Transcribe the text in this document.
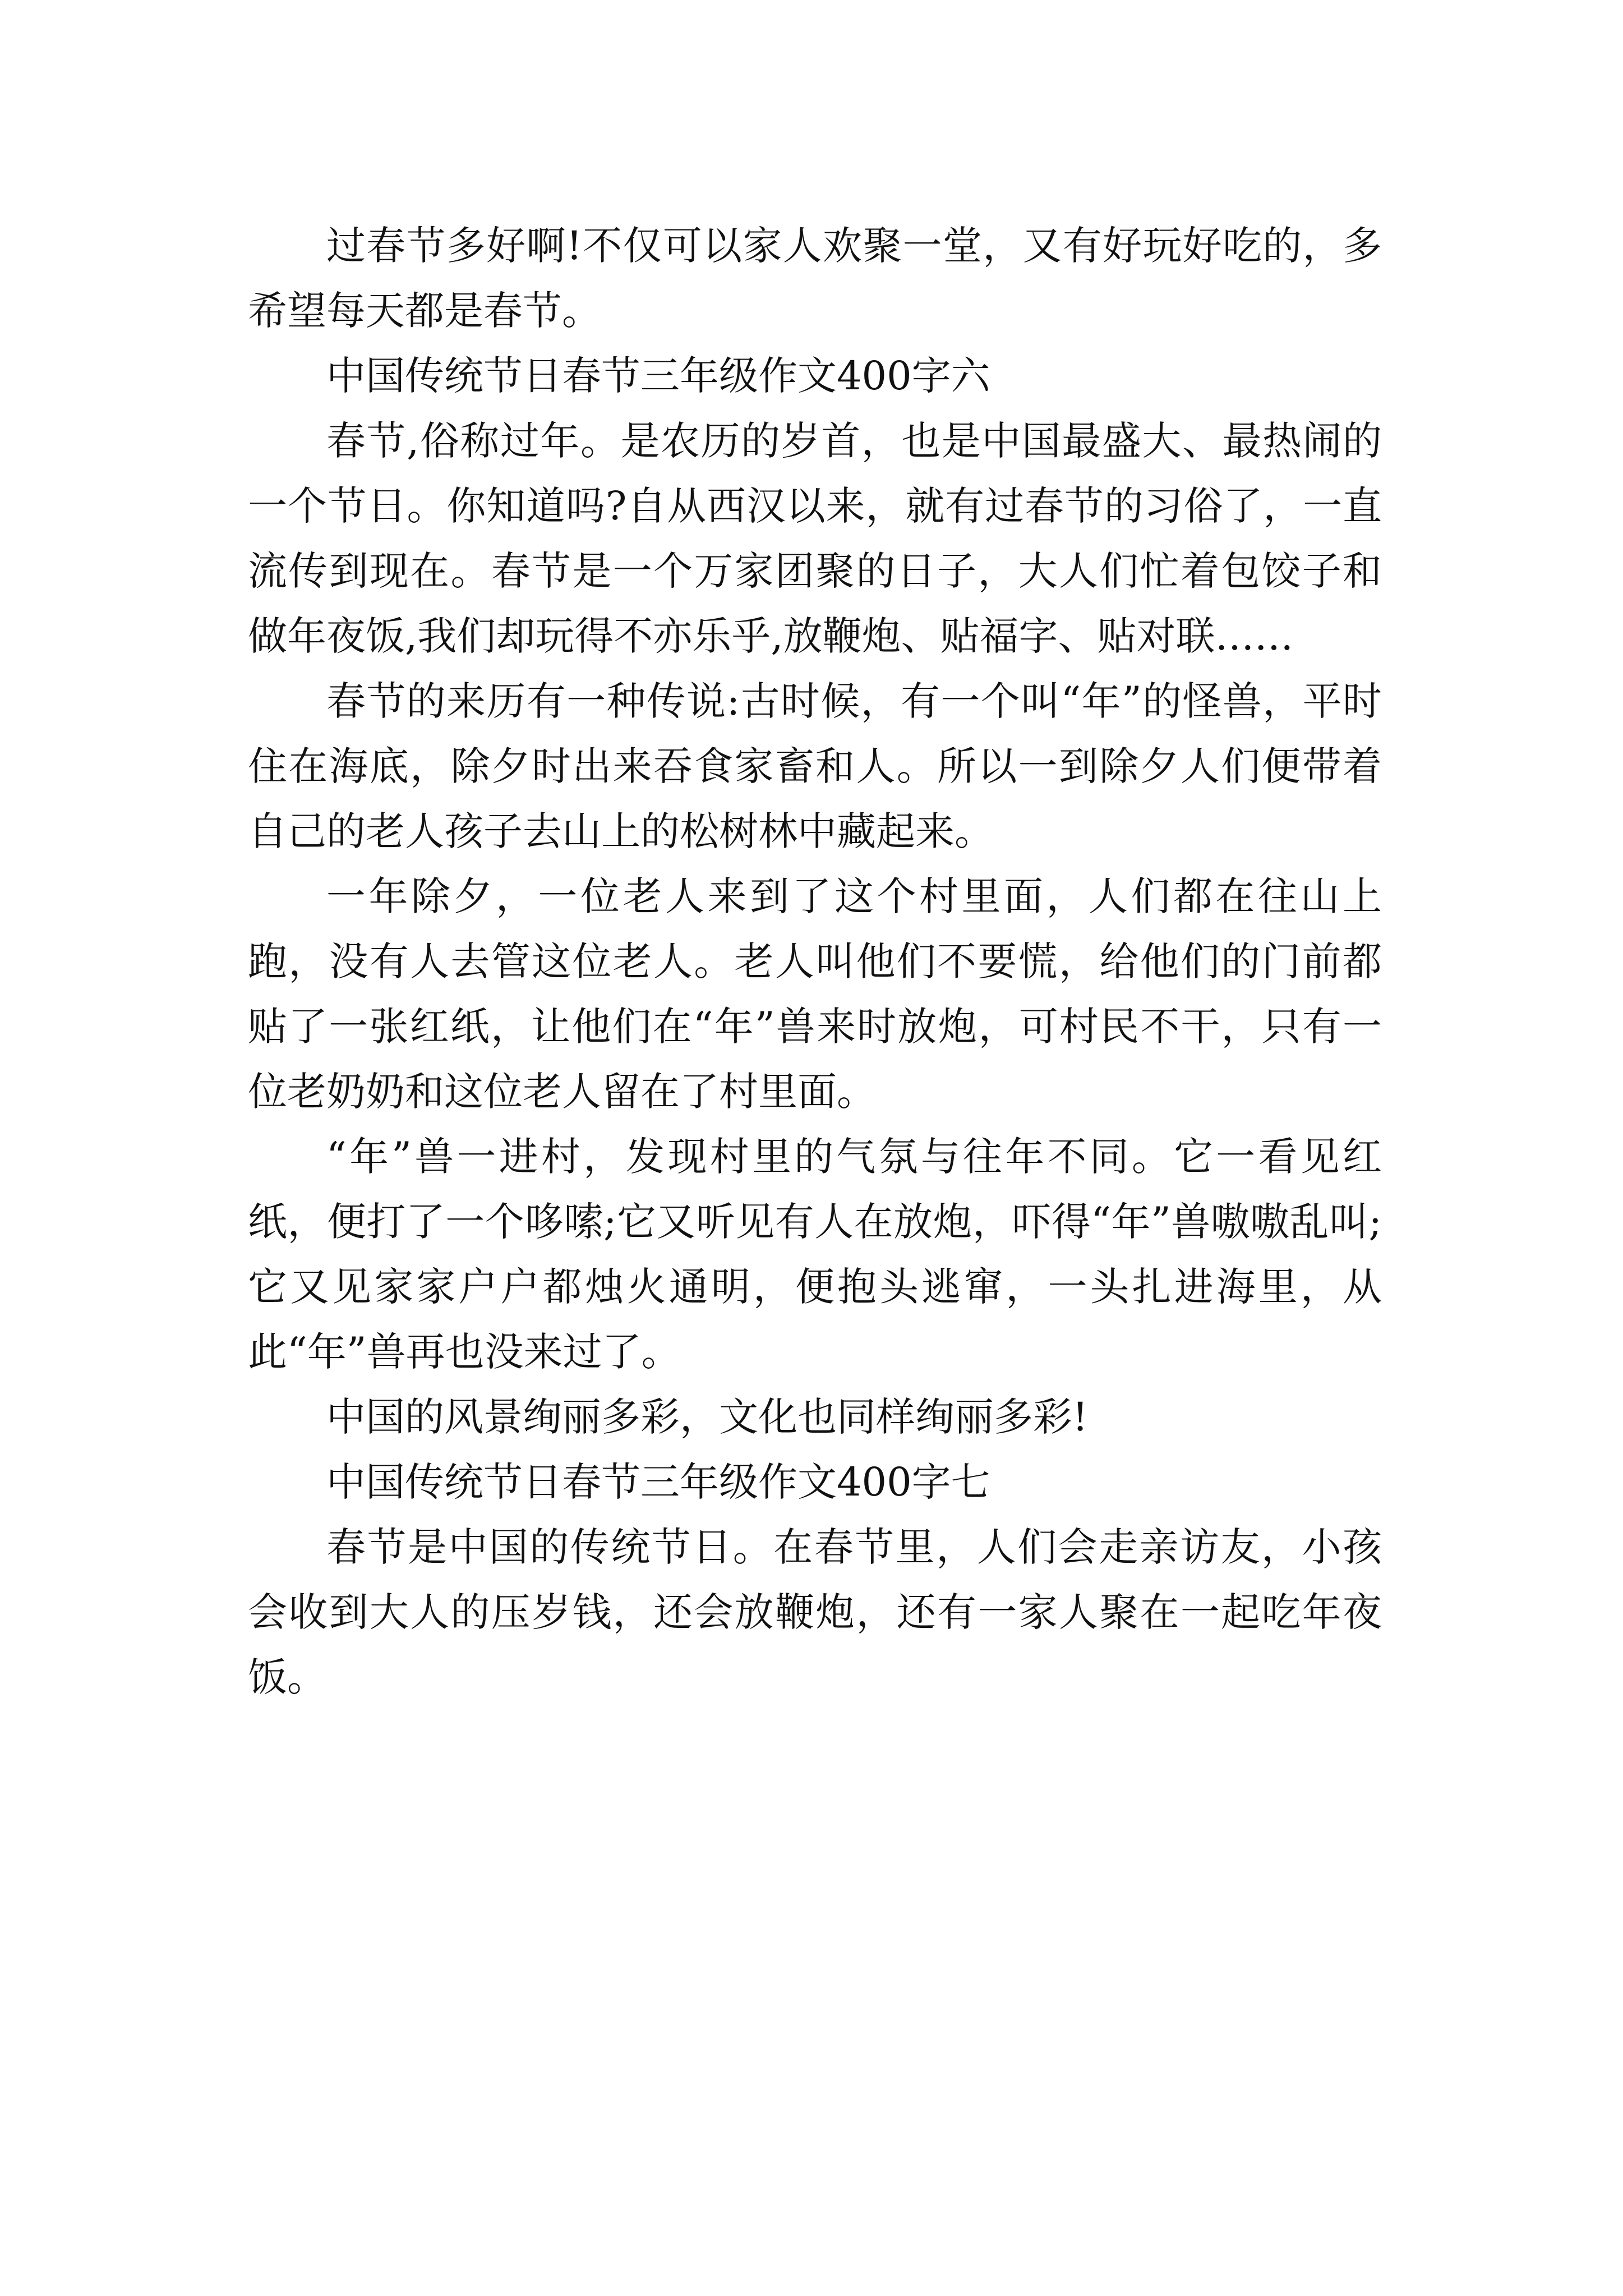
过春节多好啊!不仅可以家人欢聚一堂，又有好玩好吃的，多希望每天都是春节。

中国传统节日春节三年级作文400字六

春节,俗称过年。是农历的岁首，也是中国最盛大、最热闹的一个节日。你知道吗?自从西汉以来，就有过春节的习俗了，一直流传到现在。春节是一个万家团聚的日子，大人们忙着包饺子和做年夜饭,我们却玩得不亦乐乎,放鞭炮、贴福字、贴对联……

春节的来历有一种传说:古时候，有一个叫“年”的怪兽，平时住在海底，除夕时出来吞食家畜和人。所以一到除夕人们便带着自己的老人孩子去山上的松树林中藏起来。

一年除夕，一位老人来到了这个村里面，人们都在往山上跑，没有人去管这位老人。老人叫他们不要慌，给他们的门前都贴了一张红纸，让他们在“年”兽来时放炮，可村民不干，只有一位老奶奶和这位老人留在了村里面。

“年”兽一进村，发现村里的气氛与往年不同。它一看见红纸，便打了一个哆嗦;它又听见有人在放炮，吓得“年”兽嗷嗷乱叫;它又见家家户户都烛火通明，便抱头逃窜，一头扎进海里，从此“年”兽再也没来过了。

中国的风景绚丽多彩，文化也同样绚丽多彩!

中国传统节日春节三年级作文400字七

春节是中国的传统节日。在春节里，人们会走亲访友，小孩会收到大人的压岁钱，还会放鞭炮，还有一家人聚在一起吃年夜饭。
